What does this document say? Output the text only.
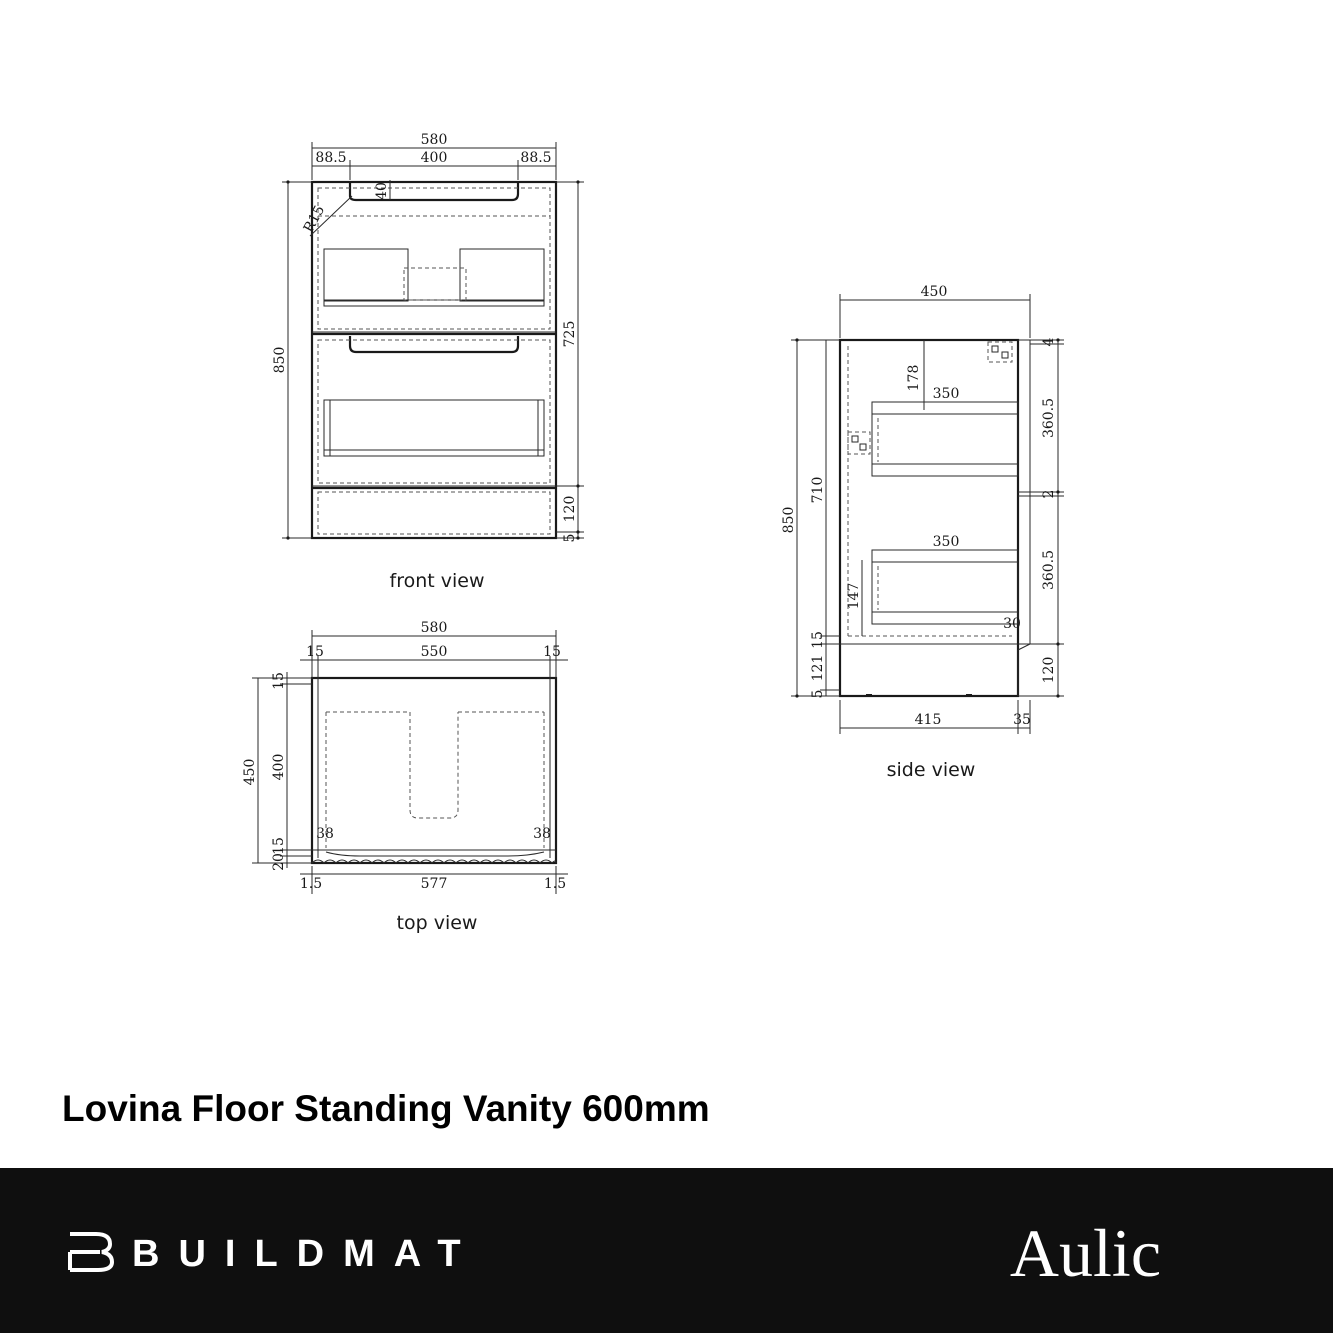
580
88.5	400	88.5
40
R15
850
725
120
5
front view
580
15	550	15
450
15
400
15
20
38	38
1.5	577	1.5
top view
450
4
360.5
2
360.5
120
850
710
15
121
5
178
350
350
147
30
415	35
side view
Lovina Floor Standing Vanity 600mm
BUILDMAT	Aulic
